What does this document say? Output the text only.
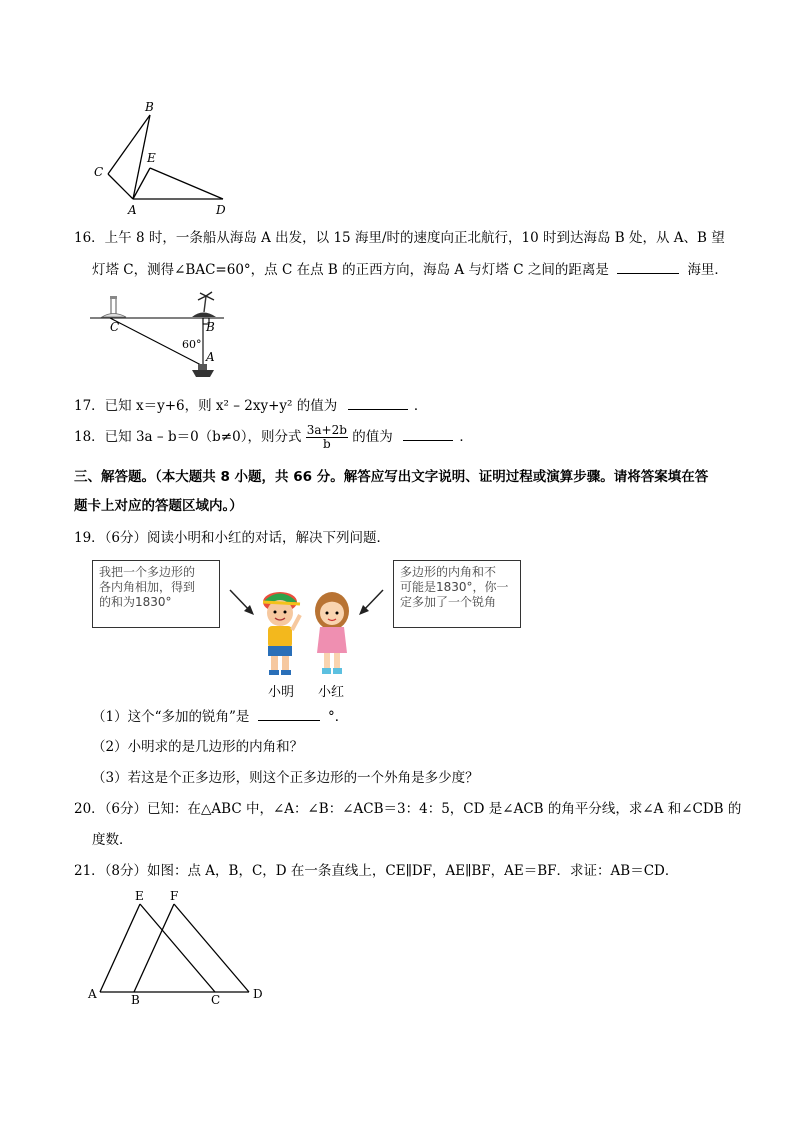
B
C
E
A	D
16．上午 8 时，一条船从海岛 A 出发，以 15 海里/时的速度向正北航行，10 时到达海岛 B 处，从 A、B 望
灯塔 C，测得∠BAC=60°，点 C 在点 B 的正西方向，海岛 A 与灯塔 C 之间的距离是	海里．
C	B
A
60°
17．已知 x＝y+6，则 x² – 2xy+y² 的值为	．
18．已知 3a – b＝0（b≠0），则分式 $\frac{3a+2b}{b}$ 的值为	．
三、解答题。（本大题共 8 小题，共 66 分。解答应写出文字说明、证明过程或演算步骤。请将答案填在答
题卡上对应的答题区域内。）
19．（6分）阅读小明和小红的对话，解决下列问题．
我把一个多边形的
各内角相加，得到
的和为1830°
多边形的内角和不
可能是1830°，你一
定多加了一个锐角
小明 小红
（1）这个“多加的锐角”是	°．
（2）小明求的是几边形的内角和？
（3）若这是个正多边形，则这个正多边形的一个外角是多少度？
20．（6分）已知：在△ABC 中，∠A：∠B：∠ACB＝3：4：5，CD 是∠ACB 的角平分线，求∠A 和∠CDB 的
度数．
21．（8分）如图：点 A，B，C，D 在一条直线上，CE∥DF，AE∥BF，AE＝BF．求证：AB＝CD．
E F
A	B	C	D
